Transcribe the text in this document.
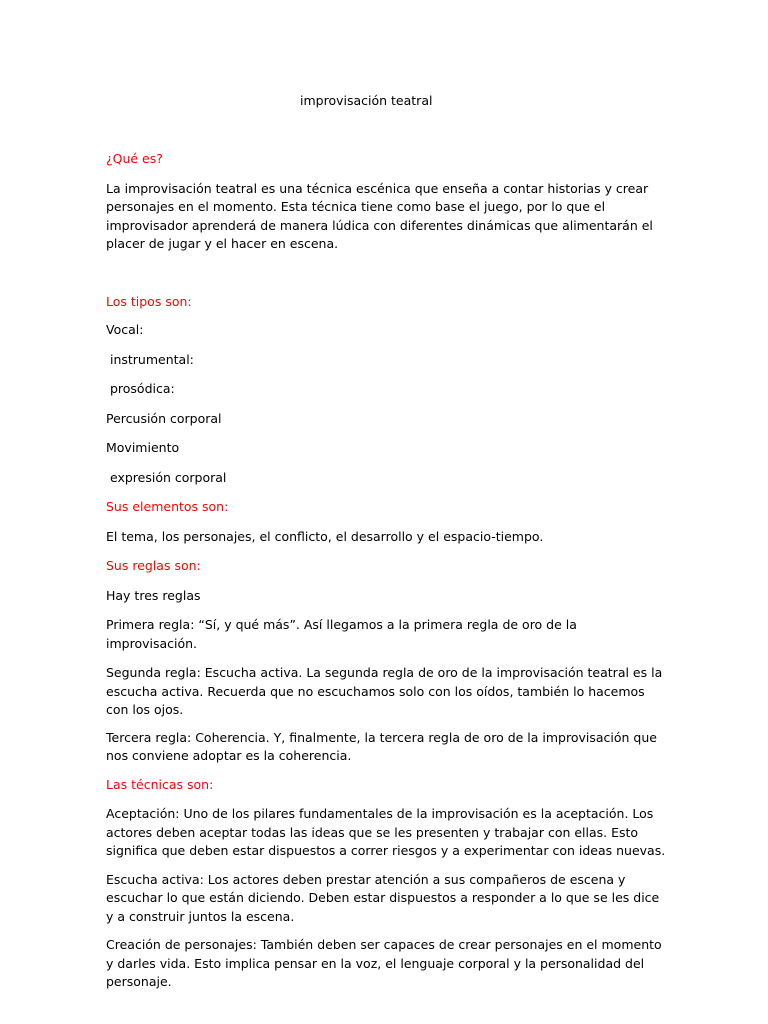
improvisación teatral

¿Qué es?

La improvisación teatral es una técnica escénica que enseña a contar historias y crear personajes en el momento. Esta técnica tiene como base el juego, por lo que el improvisador aprenderá de manera lúdica con diferentes dinámicas que alimentarán el placer de jugar y el hacer en escena.

Los tipos son:

Vocal:

instrumental:

prosódica:

Percusión corporal

Movimiento

expresión corporal

Sus elementos son:

El tema, los personajes, el conflicto, el desarrollo y el espacio-tiempo.

Sus reglas son:

Hay tres reglas

Primera regla: “Sí, y qué más”. Así llegamos a la primera regla de oro de la improvisación.

Segunda regla: Escucha activa. La segunda regla de oro de la improvisación teatral es la escucha activa. Recuerda que no escuchamos solo con los oídos, también lo hacemos con los ojos.

Tercera regla: Coherencia. Y, finalmente, la tercera regla de oro de la improvisación que nos conviene adoptar es la coherencia.

Las técnicas son:

Aceptación: Uno de los pilares fundamentales de la improvisación es la aceptación. Los actores deben aceptar todas las ideas que se les presenten y trabajar con ellas. Esto significa que deben estar dispuestos a correr riesgos y a experimentar con ideas nuevas.

Escucha activa: Los actores deben prestar atención a sus compañeros de escena y escuchar lo que están diciendo. Deben estar dispuestos a responder a lo que se les dice y a construir juntos la escena.

Creación de personajes: También deben ser capaces de crear personajes en el momento y darles vida. Esto implica pensar en la voz, el lenguaje corporal y la personalidad del personaje.
